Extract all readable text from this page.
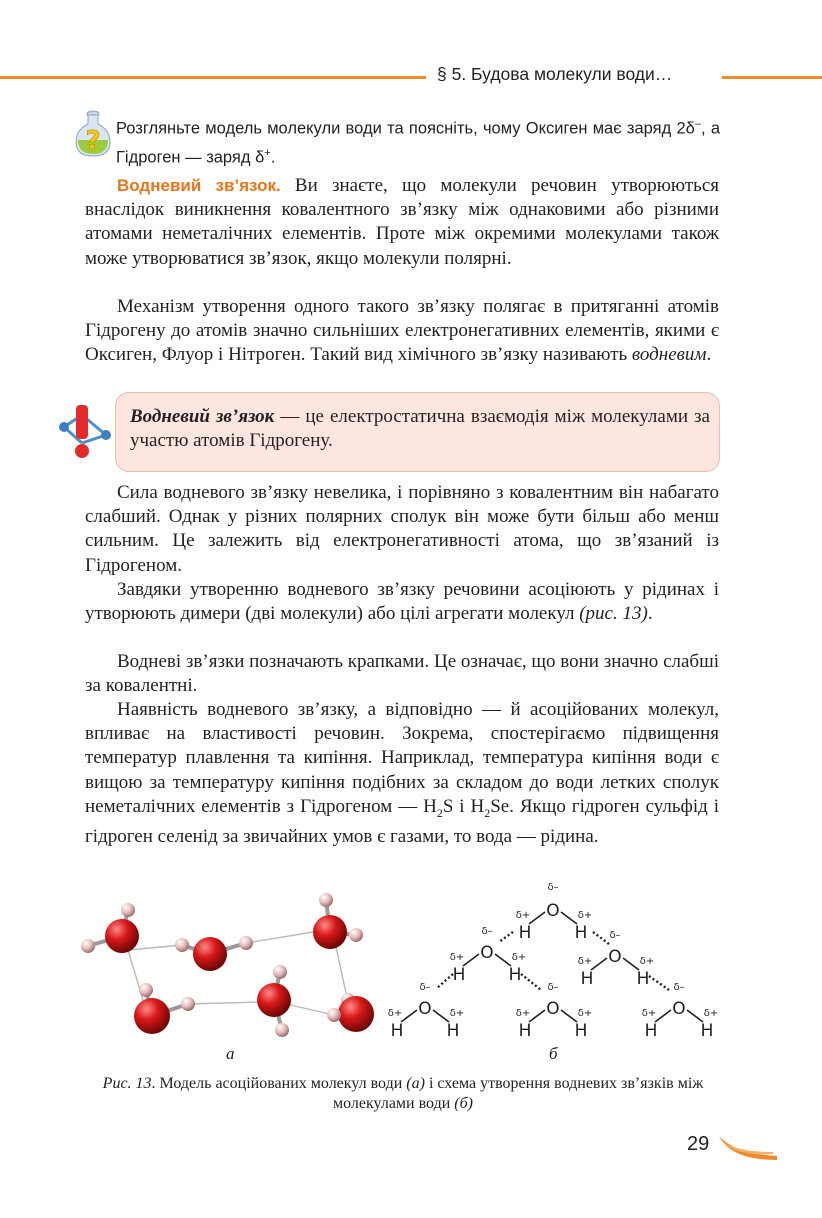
§ 5. Будова молекули води…
? Розгляньте модель молекули води та поясніть, чому Оксиген має заряд 2δ–, а Гідроген — заряд δ+.

Водневий зв’язок. Ви знаєте, що молекули речовин утворюються внаслідок виникнення ковалентного зв’язку між однаковими або різними атомами неметалічних елементів. Проте між окремими молекулами також може утворюватися зв’язок, якщо молекули полярні.

Механізм утворення одного такого зв’язку полягає в притяганні атомів Гідрогену до атомів значно сильніших електронегативних елементів, якими є Оксиген, Флуор і Нітроген. Такий вид хімічного зв’язку називають водневим.

Водневий зв’язок — це електростатична взаємодія між молекулами за участю атомів Гідрогену.

Сила водневого зв’язку невелика, і порівняно з ковалентним він набагато слабший. Однак у різних полярних сполук він може бути більш або менш сильним. Це залежить від електронегативності атома, що зв’язаний із Гідрогеном.

Завдяки утворенню водневого зв’язку речовини асоціюють у рідинах і утворюють димери (дві молекули) або цілі агрегати молекул (рис. 13).

Водневі зв’язки позначають крапками. Це означає, що вони значно слабші за ковалентні.

Наявність водневого зв’язку, а відповідно — й асоційованих молекул, впливає на властивості речовин. Зокрема, спостерігаємо підвищення температур плавлення та кипіння. Наприклад, температура кипіння води є вищою за температуру кипіння подібних за складом до води летких сполук неметалічних елементів з Гідрогеном — $H_2S$ і $H_2Se$. Якщо гідроген сульфід і гідроген селенід за звичайних умов є газами, то вода — рідина.

O
H	H
O
H	H
O
H	H
O
H	H
O
H	H
O
H	H
δ–
δ+	δ+
δ–
δ+	δ+
δ–
δ+	δ+
δ–
δ+	δ+
δ–
δ+	δ+
δ–
δ+	δ+
а	б
Рис. 13. Модель асоційованих молекул води (а) і схема утворення водневих зв’язків між молекулами води (б)
29
